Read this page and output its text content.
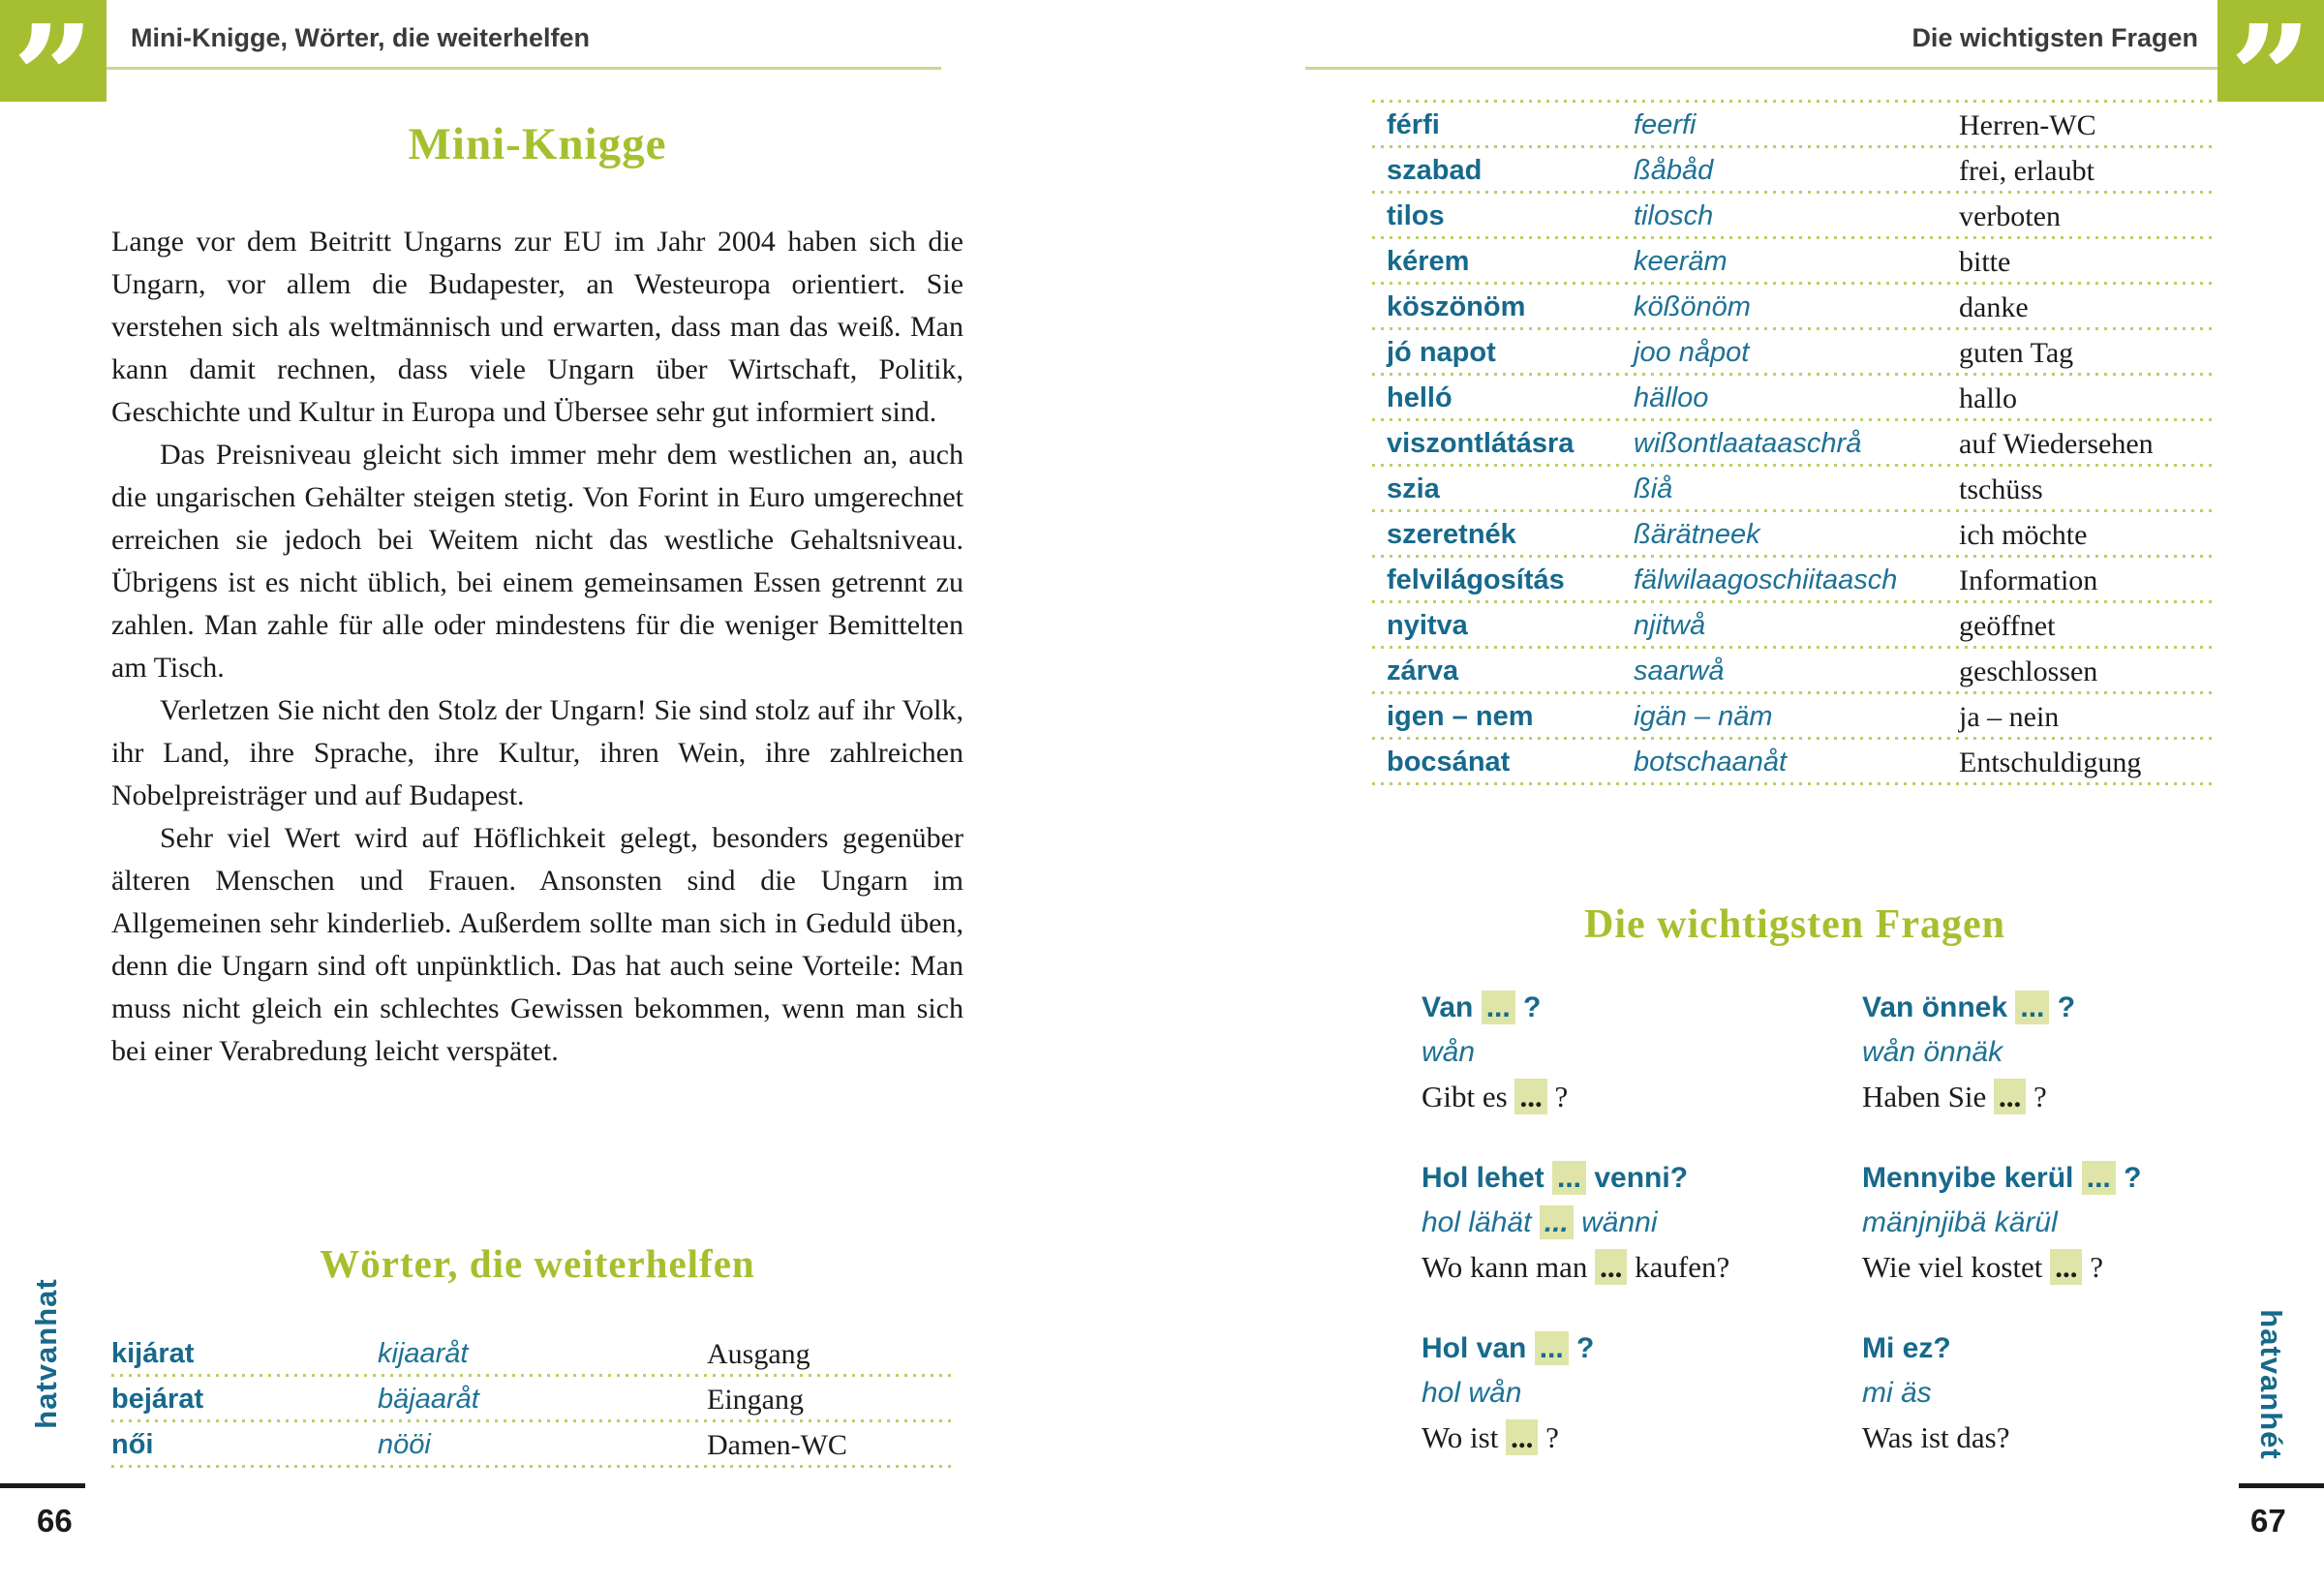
”	”
Mini-Knigge, Wörter, die weiterhelfen	Die wichtigsten Fragen
Mini-Knigge

Lange vor dem Beitritt Ungarns zur EU im Jahr 2004 haben sich die Ungarn, vor allem die Budapester, an Westeuropa orientiert. Sie verstehen sich als weltmännisch und erwarten, dass man das weiß. Man kann damit rechnen, dass viele Ungarn über Wirtschaft, Politik, Geschichte und Kultur in Europa und Übersee sehr gut informiert sind.

Das Preisniveau gleicht sich immer mehr dem westlichen an, auch die ungarischen Gehälter steigen stetig. Von Forint in Euro umgerechnet erreichen sie jedoch bei Weitem nicht das westliche Gehaltsniveau. Übrigens ist es nicht üblich, bei einem gemeinsamen Essen getrennt zu zahlen. Man zahle für alle oder mindestens für die weniger Bemittelten am Tisch.

Verletzen Sie nicht den Stolz der Ungarn! Sie sind stolz auf ihr Volk, ihr Land, ihre Sprache, ihre Kultur, ihren Wein, ihre zahlreichen Nobelpreisträger und auf Budapest.

Sehr viel Wert wird auf Höflichkeit gelegt, besonders gegenüber älteren Menschen und Frauen. Ansonsten sind die Ungarn im Allgemeinen sehr kinderlieb. Außerdem sollte man sich in Geduld üben, denn die Ungarn sind oft unpünktlich. Das hat auch seine Vorteile: Man muss nicht gleich ein schlechtes Gewissen bekommen, wenn man sich bei einer Verabredung leicht verspätet.

Wörter, die weiterhelfen
kijárat	kijaaråt	Ausgang
bejárat	bäjaaråt	Eingang
női	nööi	Damen-WC
hatvanhat
66
férfi	feerfi	Herren-WC
szabad	ßåbåd	frei, erlaubt
tilos	tilosch	verboten
kérem	keeräm	bitte
köszönöm	kößönöm	danke
jó napot	joo nåpot	guten Tag
helló	hälloo	hallo
viszontlátásra	wißontlaataaschrå	auf Wiedersehen
szia	ßiå	tschüss
szeretnék	ßärätneek	ich möchte
felvilágosítás	fälwilaagoschiitaasch	Information
nyitva	njitwå	geöffnet
zárva	saarwå	geschlossen
igen – nem	igän – näm	ja – nein
bocsánat	botschaanåt	Entschuldigung
Die wichtigsten Fragen
Van ... ?
wån
Gibt es ... ?
Van önnek ... ?
wån önnäk
Haben Sie ... ?
Hol lehet ... venni?
hol lähät ... wänni
Wo kann man ... kaufen?
Mennyibe kerül ... ?
mänjnjibä kärül
Wie viel kostet ... ?
Hol van ... ?
hol wån
Wo ist ... ?
Mi ez?
mi äs
Was ist das?	hatvanhét
67
